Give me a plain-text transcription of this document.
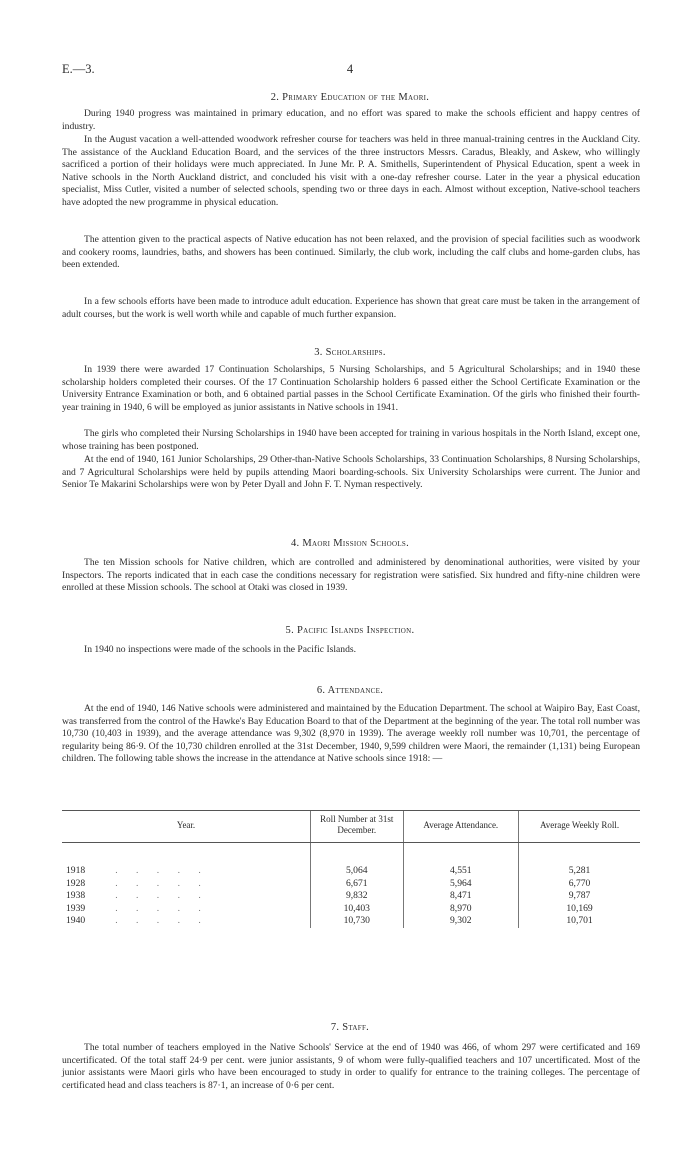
E.—3.	4
2. Primary Education of the Maori.

During 1940 progress was maintained in primary education, and no effort was spared to make the schools efficient and happy centres of industry.

In the August vacation a well-attended woodwork refresher course for teachers was held in three manual-training centres in the Auckland City. The assistance of the Auckland Education Board, and the services of the three instructors Messrs. Caradus, Bleakly, and Askew, who willingly sacrificed a portion of their holidays were much appreciated. In June Mr. P. A. Smithells, Superintendent of Physical Education, spent a week in Native schools in the North Auckland district, and concluded his visit with a one-day refresher course. Later in the year a physical education specialist, Miss Cutler, visited a number of selected schools, spending two or three days in each. Almost without exception, Native-school teachers have adopted the new programme in physical education.

The attention given to the practical aspects of Native education has not been relaxed, and the provision of special facilities such as woodwork and cookery rooms, laundries, baths, and showers has been continued. Similarly, the club work, including the calf clubs and home-garden clubs, has been extended.

In a few schools efforts have been made to introduce adult education. Experience has shown that great care must be taken in the arrangement of adult courses, but the work is well worth while and capable of much further expansion.

3. Scholarships.

In 1939 there were awarded 17 Continuation Scholarships, 5 Nursing Scholarships, and 5 Agricultural Scholarships; and in 1940 these scholarship holders completed their courses. Of the 17 Continuation Scholarship holders 6 passed either the School Certificate Examination or the University Entrance Examination or both, and 6 obtained partial passes in the School Certificate Examination. Of the girls who finished their fourth-year training in 1940, 6 will be employed as junior assistants in Native schools in 1941.

The girls who completed their Nursing Scholarships in 1940 have been accepted for training in various hospitals in the North Island, except one, whose training has been postponed.

At the end of 1940, 161 Junior Scholarships, 29 Other-than-Native Schools Scholarships, 33 Continuation Scholarships, 8 Nursing Scholarships, and 7 Agricultural Scholarships were held by pupils attending Maori boarding-schools. Six University Scholarships were current. The Junior and Senior Te Makarini Scholarships were won by Peter Dyall and John F. T. Nyman respectively.

4. Maori Mission Schools.

The ten Mission schools for Native children, which are controlled and administered by denominational authorities, were visited by your Inspectors. The reports indicated that in each case the conditions necessary for registration were satisfied. Six hundred and fifty-nine children were enrolled at these Mission schools. The school at Otaki was closed in 1939.

5. Pacific Islands Inspection.

In 1940 no inspections were made of the schools in the Pacific Islands.

6. Attendance.

At the end of 1940, 146 Native schools were administered and maintained by the Education Department. The school at Waipiro Bay, East Coast, was transferred from the control of the Hawke's Bay Education Board to that of the Department at the beginning of the year. The total roll number was 10,730 (10,403 in 1939), and the average attendance was 9,302 (8,970 in 1939). The average weekly roll number was 10,701, the percentage of regularity being 86·9. Of the 10,730 children enrolled at the 31st December, 1940, 9,599 children were Maori, the remainder (1,131) being European children. The following table shows the increase in the attendance at Native schools since 1918: —

Year.	Roll Number at 31st December.	Average Attendance.	Average Weekly Roll.

1918 . . . . .	5,064	4,551	5,281
1928 . . . . .	6,671	5,964	6,770
1938 . . . . .	9,832	8,471	9,787
1939 . . . . .	10,403	8,970	10,169
1940 . . . . .	10,730	9,302	10,701
7. Staff.

The total number of teachers employed in the Native Schools' Service at the end of 1940 was 466, of whom 297 were certificated and 169 uncertificated. Of the total staff 24·9 per cent. were junior assistants, 9 of whom were fully-qualified teachers and 107 uncertificated. Most of the junior assistants were Maori girls who have been encouraged to study in order to qualify for entrance to the training colleges. The percentage of certificated head and class teachers is 87·1, an increase of 0·6 per cent.
